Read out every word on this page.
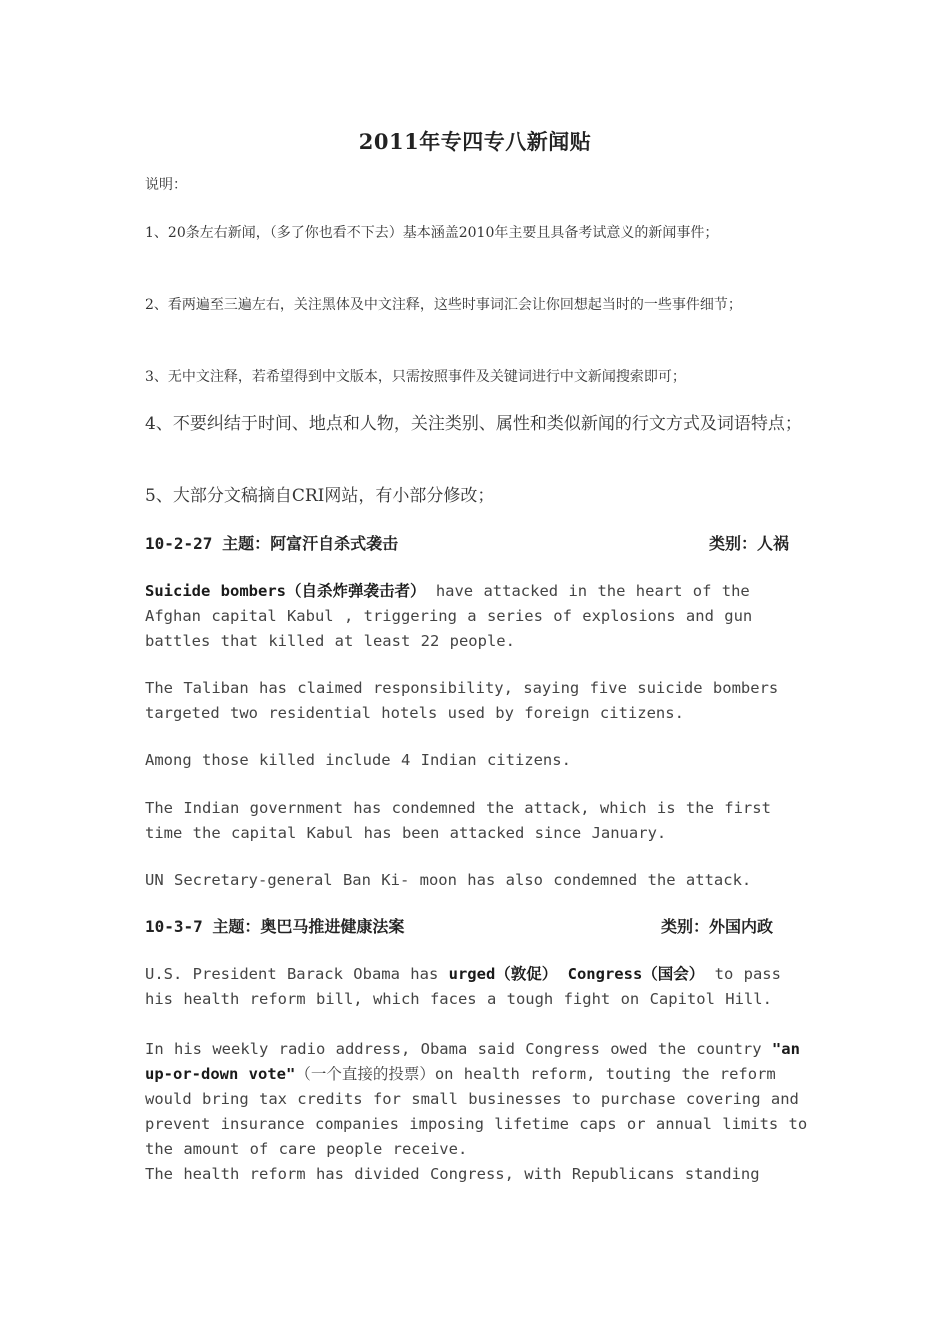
2011年专四专八新闻贴
说明：
1、20条左右新闻，（多了你也看不下去）基本涵盖2010年主要且具备考试意义的新闻事件；
2、看两遍至三遍左右，关注黑体及中文注释，这些时事词汇会让你回想起当时的一些事件细节；
3、无中文注释，若希望得到中文版本，只需按照事件及关键词进行中文新闻搜索即可；
4、不要纠结于时间、地点和人物，关注类别、属性和类似新闻的行文方式及词语特点；
5、大部分文稿摘自CRI网站，有小部分修改；
10-2-27 主题：阿富汗自杀式袭击	类别：人祸
Suicide bombers（自杀炸弹袭击者） have attacked in the heart of the Afghan capital Kabul , triggering a series of explosions and gun battles that killed at least 22 people.
The Taliban has claimed responsibility, saying five suicide bombers targeted two residential hotels used by foreign citizens.
Among those killed include 4 Indian citizens.
The Indian government has condemned the attack, which is the first time the capital Kabul has been attacked since January.
UN Secretary-general Ban Ki- moon has also condemned the attack.
10-3-7 主题：奥巴马推进健康法案	类别：外国内政
U.S. President Barack Obama has urged（敦促） Congress（国会） to pass his health reform bill, which faces a tough fight on Capitol Hill.
In his weekly radio address, Obama said Congress owed the country "an up-or-down vote"（一个直接的投票）on health reform, touting the reform would bring tax credits for small businesses to purchase covering and prevent insurance companies imposing lifetime caps or annual limits to the amount of care people receive.
The health reform has divided Congress, with Republicans standing
